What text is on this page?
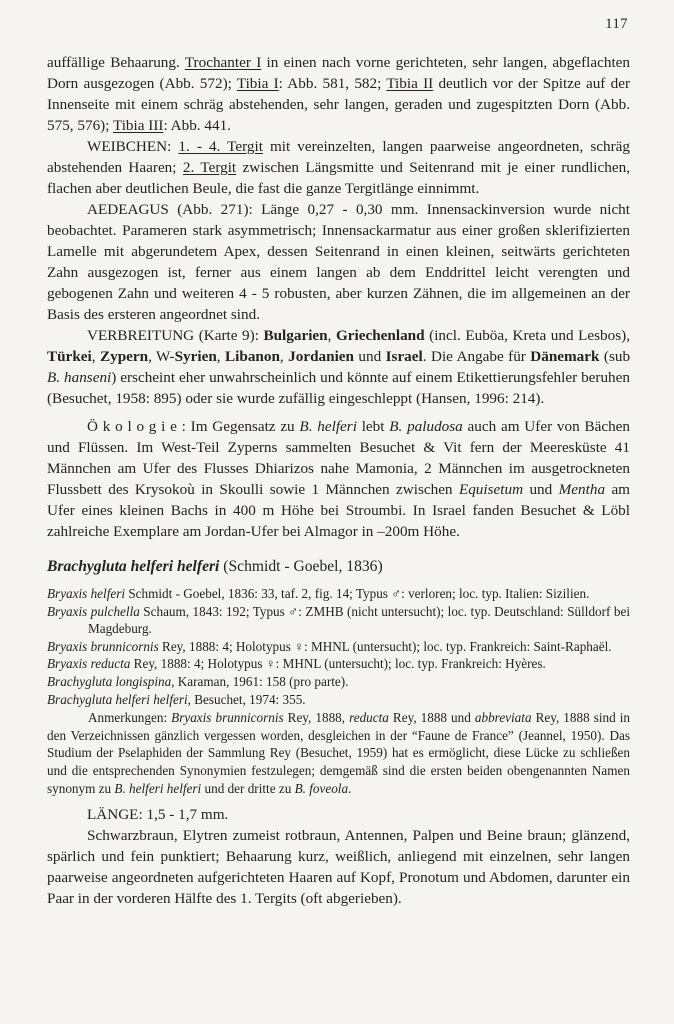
117

auffällige Behaarung. Trochanter I in einen nach vorne gerichteten, sehr langen, abgeflachten Dorn ausgezogen (Abb. 572); Tibia I: Abb. 581, 582; Tibia II deutlich vor der Spitze auf der Innenseite mit einem schräg abstehenden, sehr langen, geraden und zugespitzten Dorn (Abb. 575, 576); Tibia III: Abb. 441.

WEIBCHEN: 1. - 4. Tergit mit vereinzelten, langen paarweise angeordneten, schräg abstehenden Haaren; 2. Tergit zwischen Längsmitte und Seitenrand mit je einer rundlichen, flachen aber deutlichen Beule, die fast die ganze Tergitlänge einnimmt.

AEDEAGUS (Abb. 271): Länge 0,27 - 0,30 mm. Innensackinversion wurde nicht beobachtet. Parameren stark asymmetrisch; Innensackarmatur aus einer großen sklerifizierten Lamelle mit abgerundetem Apex, dessen Seitenrand in einen kleinen, seitwärts gerichteten Zahn ausgezogen ist, ferner aus einem langen ab dem Enddrittel leicht verengten und gebogenen Zahn und weiteren 4 - 5 robusten, aber kurzen Zähnen, die im allgemeinen an der Basis des ersteren angeordnet sind.

VERBREITUNG (Karte 9): Bulgarien, Griechenland (incl. Euböa, Kreta und Lesbos), Türkei, Zypern, W-Syrien, Libanon, Jordanien und Israel. Die Angabe für Dänemark (sub B. hanseni) erscheint eher unwahrscheinlich und könnte auf einem Etikettierungsfehler beruhen (Besuchet, 1958: 895) oder sie wurde zufällig eingeschleppt (Hansen, 1996: 214).

Ö k o l o g i e : Im Gegensatz zu B. helferi lebt B. paludosa auch am Ufer von Bächen und Flüssen. Im West-Teil Zyperns sammelten Besuchet & Vit fern der Meeresküste 41 Männchen am Ufer des Flusses Dhiarizos nahe Mamonia, 2 Männchen im ausgetrockneten Flussbett des Krysokoù in Skoulli sowie 1 Männchen zwischen Equisetum und Mentha am Ufer eines kleinen Bachs in 400 m Höhe bei Stroumbi. In Israel fanden Besuchet & Löbl zahlreiche Exemplare am Jordan-Ufer bei Almagor in –200m Höhe.

Brachygluta helferi helferi (Schmidt - Goebel, 1836)

Bryaxis helferi Schmidt - Goebel, 1836: 33, taf. 2, fig. 14; Typus ♂: verloren; loc. typ. Italien: Sizilien.

Bryaxis pulchella Schaum, 1843: 192; Typus ♂: ZMHB (nicht untersucht); loc. typ. Deutschland: Sülldorf bei Magdeburg.

Bryaxis brunnicornis Rey, 1888: 4; Holotypus ♀: MHNL (untersucht); loc. typ. Frankreich: Saint-Raphaël.

Bryaxis reducta Rey, 1888: 4; Holotypus ♀: MHNL (untersucht); loc. typ. Frankreich: Hyères.

Brachygluta longispina, Karaman, 1961: 158 (pro parte).

Brachygluta helferi helferi, Besuchet, 1974: 355.

Anmerkungen: Bryaxis brunnicornis Rey, 1888, reducta Rey, 1888 und abbreviata Rey, 1888 sind in den Verzeichnissen gänzlich vergessen worden, desgleichen in der “Faune de France” (Jeannel, 1950). Das Studium der Pselaphiden der Sammlung Rey (Besuchet, 1959) hat es ermöglicht, diese Lücke zu schließen und die entsprechenden Synonymien festzulegen; demgemäß sind die ersten beiden obengenannten Namen synonym zu B. helferi helferi und der dritte zu B. foveola.

LÄNGE: 1,5 - 1,7 mm.

Schwarzbraun, Elytren zumeist rotbraun, Antennen, Palpen und Beine braun; glänzend, spärlich und fein punktiert; Behaarung kurz, weißlich, anliegend mit einzelnen, sehr langen paarweise angeordneten aufgerichteten Haaren auf Kopf, Pronotum und Abdomen, darunter ein Paar in der vorderen Hälfte des 1. Tergits (oft abgerieben).
